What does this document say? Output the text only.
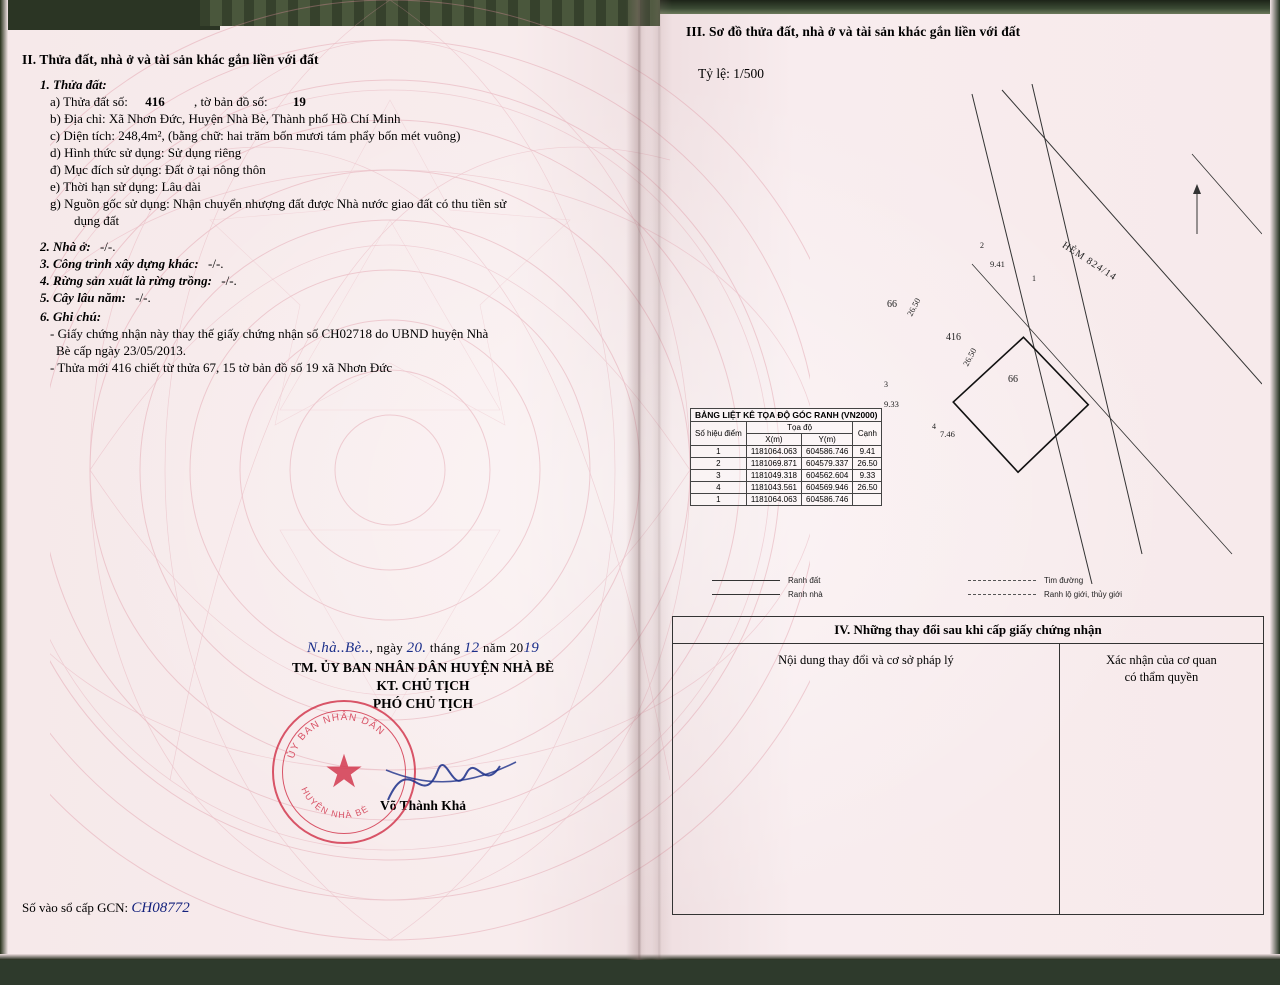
II. Thửa đất, nhà ở và tài sản khác gắn liền với đất

1. Thửa đất:

a) Thửa đất số: 416 , tờ bản đồ số: 19

b) Địa chỉ: Xã Nhơn Đức, Huyện Nhà Bè, Thành phố Hồ Chí Minh

c) Diện tích: 248,4m², (bằng chữ: hai trăm bốn mươi tám phẩy bốn mét vuông)

d) Hình thức sử dụng: Sử dụng riêng

đ) Mục đích sử dụng: Đất ở tại nông thôn

e) Thời hạn sử dụng: Lâu dài

g) Nguồn gốc sử dụng: Nhận chuyển nhượng đất được Nhà nước giao đất có thu tiền sử

dụng đất

2. Nhà ở: -/-.

3. Công trình xây dựng khác: -/-.

4. Rừng sản xuất là rừng trồng: -/-.

5. Cây lâu năm: -/-.

6. Ghi chú:

- Giấy chứng nhận này thay thế giấy chứng nhận số CH02718 do UBND huyện Nhà

Bè cấp ngày 23/05/2013.

- Thửa mới 416 chiết từ thửa 67, 15 tờ bản đồ số 19 xã Nhơn Đức

N.hà..Bè.., ngày 20. tháng 12 năm 2019
TM. ỦY BAN NHÂN DÂN HUYỆN NHÀ BÈ
KT. CHỦ TỊCH
PHÓ CHỦ TỊCH
Võ Thành Khả
★
ỦY BAN NHÂN DÂN
HUYỆN NHÀ BÈ
Số vào sổ cấp GCN: CH08772
III. Sơ đồ thửa đất, nhà ở và tài sản khác gắn liền với đất
Tỷ lệ: 1/500
66
66
416
9.41
26.50
26.50
9.33
7.46
2
1
3
4
HẺM 824/14
BẢNG LIỆT KÊ TỌA ĐỘ GÓC RANH (VN2000)			
Số hiệu điểm	Tọa độ		Cạnh
	X(m)	Y(m)	
1	1181064.063	604586.746	9.41
2	1181069.871	604579.337	26.50
3	1181049.318	604562.604	9.33
4	1181043.561	604569.946	26.50
1	1181064.063	604586.746	
Ranh đất	Tim đường
Ranh nhà	Ranh lộ giới, thủy giới
IV. Những thay đổi sau khi cấp giấy chứng nhận
Nội dung thay đổi và cơ sở pháp lý	Xác nhận của cơ quan
có thẩm quyền
